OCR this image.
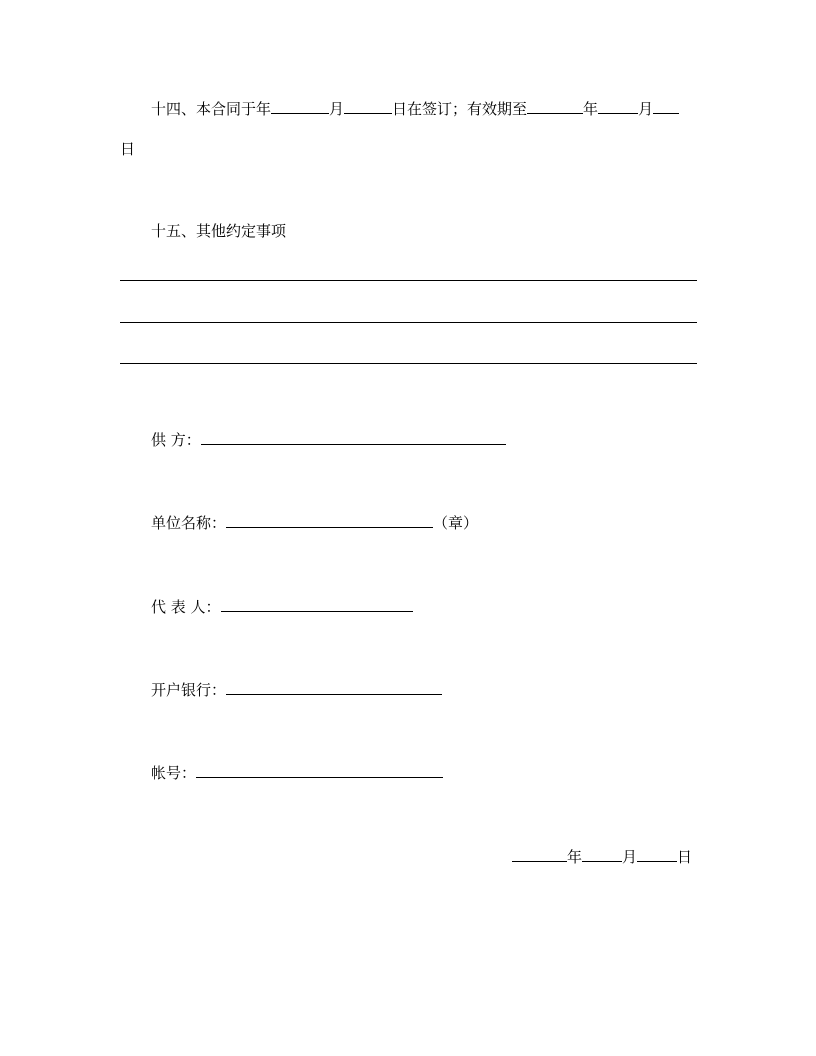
十四、本合同于年	月	日在签订；有效期至	年	月
日
十五、其他约定事项
供 方：
单位名称：	（章）
代 表 人：
开户银行：
帐号：
年	月	日
